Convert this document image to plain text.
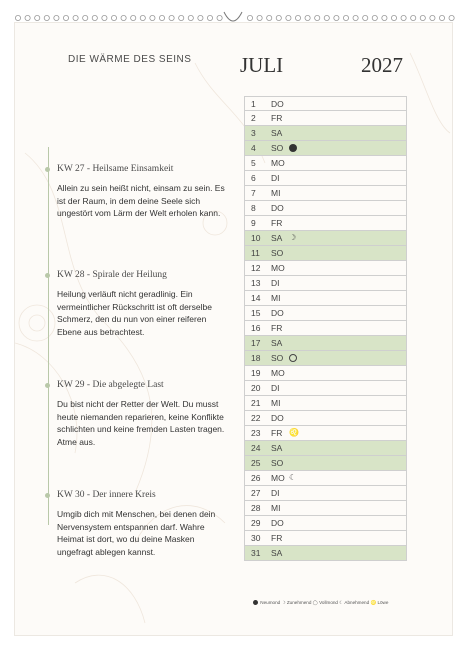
DIE WÄRME DES SEINS
KW 27 - Heilsame Einsamkeit
Allein zu sein heißt nicht, einsam zu sein. Es ist der Raum, in dem deine Seele sich ungestört vom Lärm der Welt erholen kann.
KW 28 - Spirale der Heilung
Heilung verläuft nicht geradlinig. Ein vermeintlicher Rückschritt ist oft derselbe Schmerz, den du nun von einer reiferen Ebene aus betrachtest.
KW 29 - Die abgelegte Last
Du bist nicht der Retter der Welt. Du musst heute niemanden reparieren, keine Konflikte schlichten und keine fremden Lasten tragen. Atme aus.
KW 30 - Der innere Kreis
Umgib dich mit Menschen, bei denen dein Nervensystem entspannen darf. Wahre Heimat ist dort, wo du deine Masken ungefragt ablegen kannst.
JULI	2027
1 DO
2 FR
3 SA
4 SO
5 MO
6 DI
7 MI
8 DO
9 FR
10 SA ☽
11 SO
12 MO
13 DI
14 MI
15 DO
16 FR
17 SA
18 SO
19 MO
20 DI
21 MI
22 DO
23 FR ♌
24 SA
25 SO
26 MO ☾
27 DI
28 MI
29 DO
30 FR
31 SA
Neumond ☽ Zunehmend ◯ Vollmond ☾ Abnehmend ♌ Löwe
